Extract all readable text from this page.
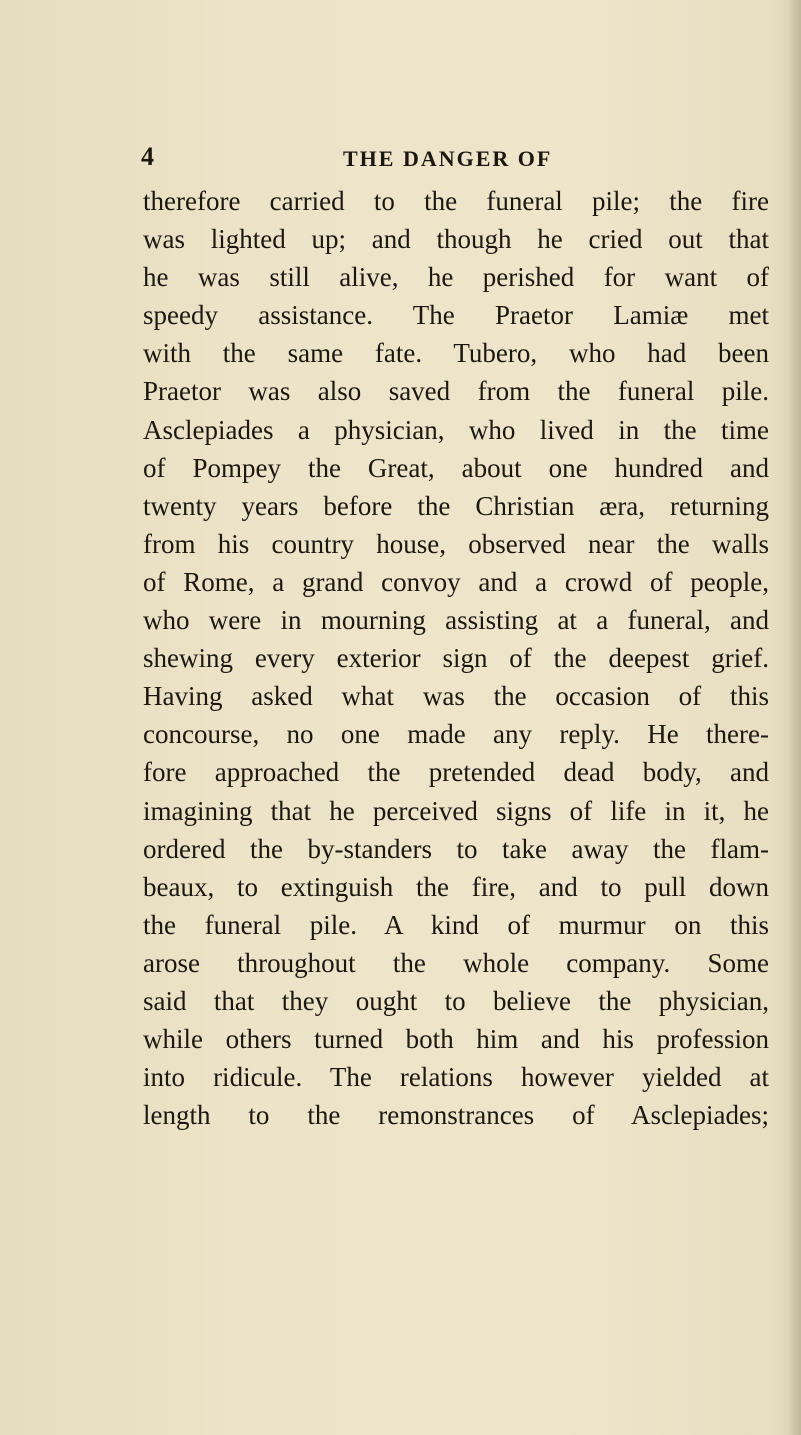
4	THE DANGER OF
therefore carried to the funeral pile; the fire
was lighted up; and though he cried out that
he was still alive, he perished for want of
speedy assistance. The Praetor Lamiæ met
with the same fate. Tubero, who had been
Praetor was also saved from the funeral pile.
Asclepiades a physician, who lived in the time
of Pompey the Great, about one hundred and
twenty years before the Christian æra, returning
from his country house, observed near the walls
of Rome, a grand convoy and a crowd of people,
who were in mourning assisting at a funeral, and
shewing every exterior sign of the deepest grief.
Having asked what was the occasion of this
concourse, no one made any reply. He there-
fore approached the pretended dead body, and
imagining that he perceived signs of life in it, he
ordered the by-standers to take away the flam-
beaux, to extinguish the fire, and to pull down
the funeral pile. A kind of murmur on this
arose throughout the whole company. Some
said that they ought to believe the physician,
while others turned both him and his profession
into ridicule. The relations however yielded at
length to the remonstrances of Asclepiades;
